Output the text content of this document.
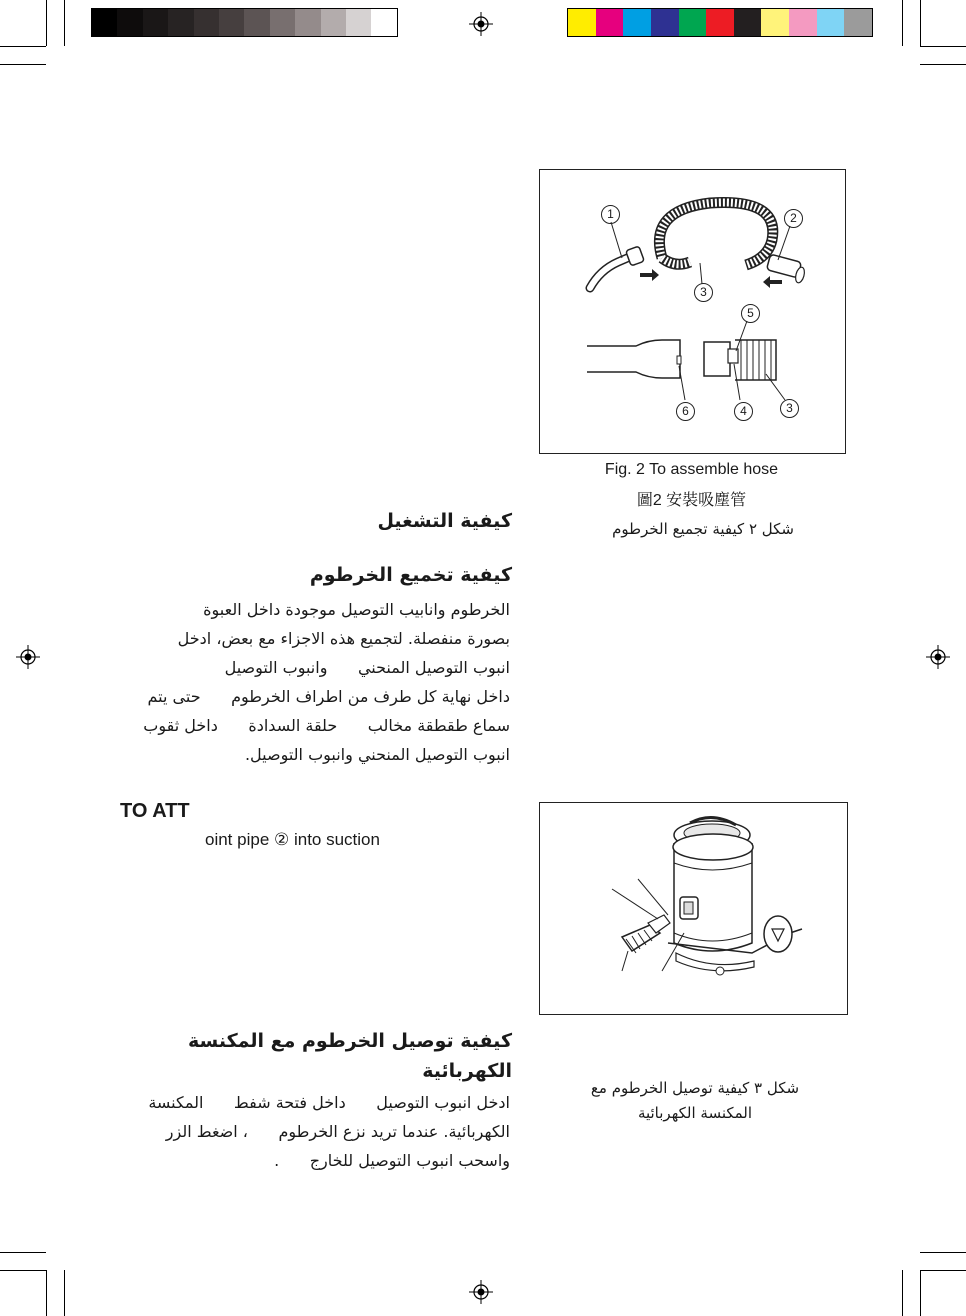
1	2
3
5
6	4	3
Fig. 2 To assemble hose
圖2 安裝吸塵管
شكل ٢ كيفية تجميع الخرطوم
كيفية التشغيل
كيفية تخميع الخرطوم
الخرطوم وانابيب التوصيل موجودة داخل العبوة
بصورة منفصلة. لتجميع هذه الاجزاء مع بعض، ادخل
انبوب التوصيل المنحني      وانبوب التوصيل
داخل نهاية كل طرف من اطراف الخرطوم      حتى يتم
سماع طقطقة مخالب      حلقة السدادة      داخل ثقوب
انبوب التوصيل المنحني وانبوب التوصيل.
TO ATT
oint pipe ② into suction
شكل ٣ كيفية توصيل الخرطوم مع
المكنسة الكهربائية
كيفية توصيل الخرطوم مع المكنسة
الكهربائية
ادخل انبوب التوصيل      داخل فتحة شفط      المكنسة
الكهربائية. عندما تريد نزع الخرطوم      ، اضغط الزر
واسحب انبوب التوصيل للخارج      .
